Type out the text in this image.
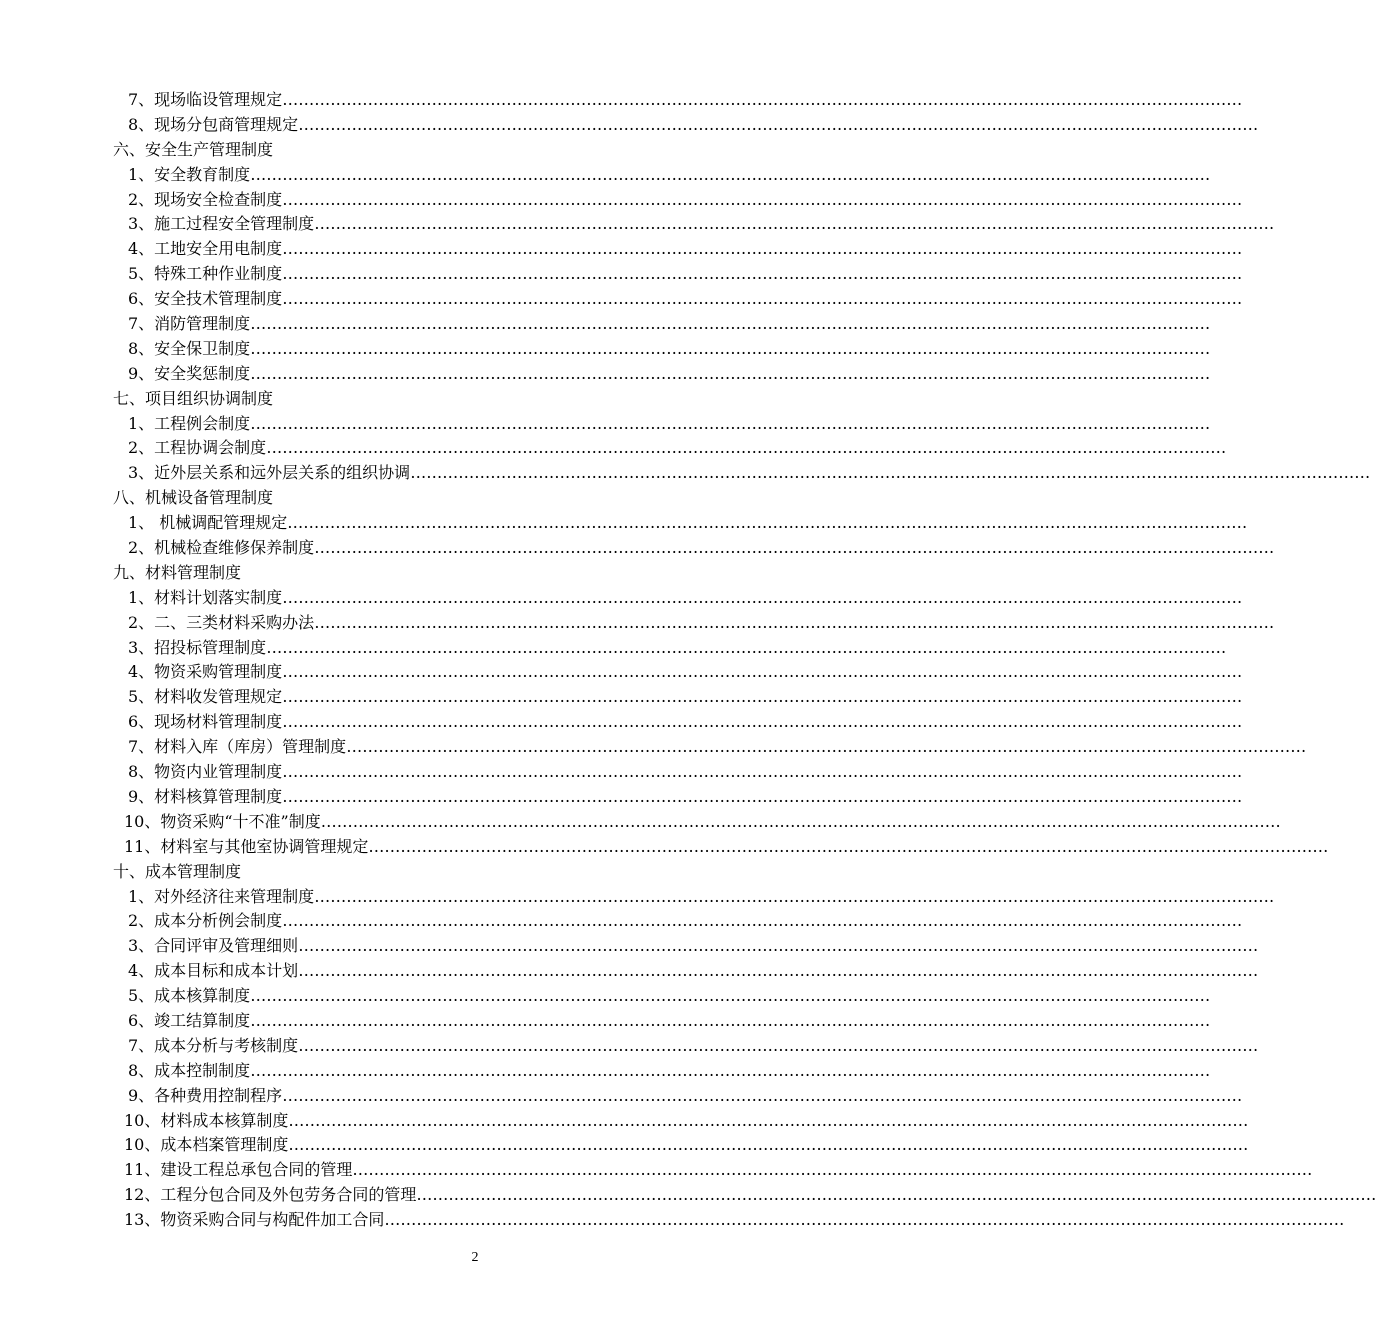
7、现场临设管理规定 ………………………………………………………………………………………………………………………………………………………………
8、现场分包商管理规定 ………………………………………………………………………………………………………………………………………………………………
六、安全生产管理制度
1、安全教育制度 ………………………………………………………………………………………………………………………………………………………………
2、现场安全检查制度 ………………………………………………………………………………………………………………………………………………………………
3、施工过程安全管理制度 ………………………………………………………………………………………………………………………………………………………………
4、工地安全用电制度 ………………………………………………………………………………………………………………………………………………………………
5、特殊工种作业制度 ………………………………………………………………………………………………………………………………………………………………
6、安全技术管理制度 ………………………………………………………………………………………………………………………………………………………………
7、消防管理制度 ………………………………………………………………………………………………………………………………………………………………
8、安全保卫制度 ………………………………………………………………………………………………………………………………………………………………
9、安全奖惩制度 ………………………………………………………………………………………………………………………………………………………………
七、项目组织协调制度
1、工程例会制度 ………………………………………………………………………………………………………………………………………………………………
2、工程协调会制度 ………………………………………………………………………………………………………………………………………………………………
3、近外层关系和远外层关系的组织协调 ………………………………………………………………………………………………………………………………………………………………
八、机械设备管理制度
1、 机械调配管理规定 ………………………………………………………………………………………………………………………………………………………………
2、机械检查维修保养制度 ………………………………………………………………………………………………………………………………………………………………
九、材料管理制度
1、材料计划落实制度 ………………………………………………………………………………………………………………………………………………………………
2、二、三类材料采购办法 ………………………………………………………………………………………………………………………………………………………………
3、招投标管理制度 ………………………………………………………………………………………………………………………………………………………………
4、物资采购管理制度 ………………………………………………………………………………………………………………………………………………………………
5、材料收发管理规定 ………………………………………………………………………………………………………………………………………………………………
6、现场材料管理制度 ………………………………………………………………………………………………………………………………………………………………
7、材料入库（库房）管理制度 ………………………………………………………………………………………………………………………………………………………………
8、物资内业管理制度 ………………………………………………………………………………………………………………………………………………………………
9、材料核算管理制度 ………………………………………………………………………………………………………………………………………………………………
10、物资采购“十不准”制度 ………………………………………………………………………………………………………………………………………………………………
11、材料室与其他室协调管理规定 ………………………………………………………………………………………………………………………………………………………………
十、成本管理制度
1、对外经济往来管理制度 ………………………………………………………………………………………………………………………………………………………………
2、成本分析例会制度 ………………………………………………………………………………………………………………………………………………………………
3、合同评审及管理细则 ………………………………………………………………………………………………………………………………………………………………
4、成本目标和成本计划 ………………………………………………………………………………………………………………………………………………………………
5、成本核算制度 ………………………………………………………………………………………………………………………………………………………………
6、竣工结算制度 ………………………………………………………………………………………………………………………………………………………………
7、成本分析与考核制度 ………………………………………………………………………………………………………………………………………………………………
8、成本控制制度 ………………………………………………………………………………………………………………………………………………………………
9、各种费用控制程序 ………………………………………………………………………………………………………………………………………………………………
10、材料成本核算制度 ………………………………………………………………………………………………………………………………………………………………
10、成本档案管理制度 ………………………………………………………………………………………………………………………………………………………………
11、建设工程总承包合同的管理 ………………………………………………………………………………………………………………………………………………………………
12、工程分包合同及外包劳务合同的管理 ………………………………………………………………………………………………………………………………………………………………
13、物资采购合同与构配件加工合同 ………………………………………………………………………………………………………………………………………………………………
2
